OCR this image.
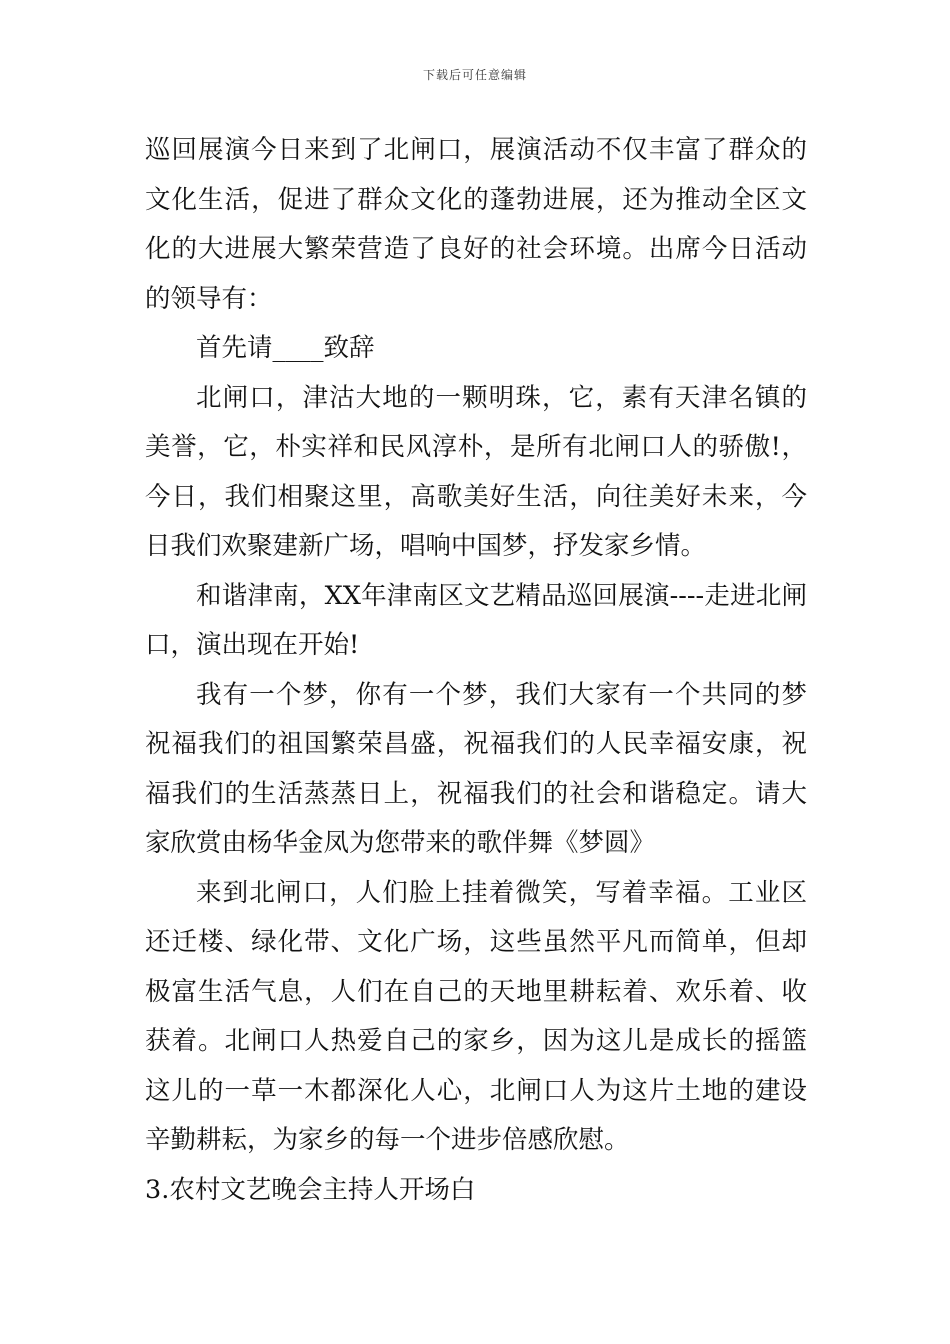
下载后可任意编辑

巡回展演今日来到了北闸口，展演活动不仅丰富了群众的文化生活，促进了群众文化的蓬勃进展，还为推动全区文化的大进展大繁荣营造了良好的社会环境。出席今日活动的领导有：

首先请____致辞

北闸口，津沽大地的一颗明珠，它，素有天津名镇的美誉，它，朴实祥和民风淳朴，是所有北闸口人的骄傲!，今日，我们相聚这里，高歌美好生活，向往美好未来，今日我们欢聚建新广场，唱响中国梦，抒发家乡情。

和谐津南，XX年津南区文艺精品巡回展演----走进北闸口，演出现在开始!

我有一个梦，你有一个梦，我们大家有一个共同的梦祝福我们的祖国繁荣昌盛，祝福我们的人民幸福安康，祝福我们的生活蒸蒸日上，祝福我们的社会和谐稳定。请大家欣赏由杨华金凤为您带来的歌伴舞《梦圆》

来到北闸口，人们脸上挂着微笑，写着幸福。工业区还迁楼、绿化带、文化广场，这些虽然平凡而简单，但却极富生活气息，人们在自己的天地里耕耘着、欢乐着、收获着。北闸口人热爱自己的家乡，因为这儿是成长的摇篮这儿的一草一木都深化人心，北闸口人为这片土地的建设辛勤耕耘，为家乡的每一个进步倍感欣慰。

3.农村文艺晚会主持人开场白
